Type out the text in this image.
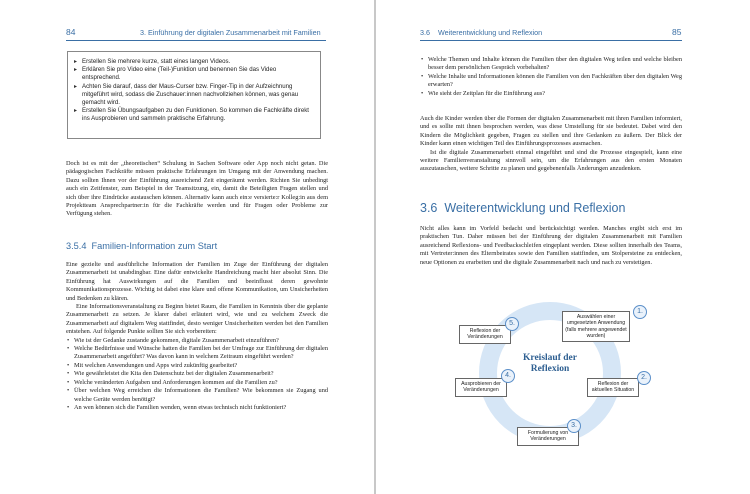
84	3. Einführung der digitalen Zusammenarbeit mit Familien
▸ Erstellen Sie mehrere kurze, statt eines langen Videos.
▸ Erklären Sie pro Video eine (Teil-)Funktion und benennen Sie das Video entsprechend.
▸ Achten Sie darauf, dass der Maus-Curser bzw. Finger-Tip in der Aufzeichnung mitgeführt wird, sodass die Zuschauer:innen nachvollziehen können, was genau gemacht wird.
▸ Erstellen Sie Übungsaufgaben zu den Funktionen. So kommen die Fachkräfte direkt ins Ausprobieren und sammeln praktische Erfahrung.

Doch ist es mit der „theoretischen“ Schulung in Sachen Software oder App noch nicht getan. Die pädagogischen Fachkräfte müssen praktische Erfahrungen im Umgang mit der Anwendung machen. Dazu sollten Ihnen vor der Einführung ausreichend Zeit eingeräumt werden. Richten Sie unbedingt auch ein Zeitfenster, zum Beispiel in der Teamsitzung, ein, damit die Beteiligten Fragen stellen und sich über ihre Eindrücke austauschen können. Alternativ kann auch ein:e versierte:r Kolleg:in aus dem Projektteam Ansprechpartner:in für die Fachkräfte werden und für Fragen oder Probleme zur Verfügung stehen.

3.5.4 Familien-Information zum Start

Eine gezielte und ausführliche Information der Familien im Zuge der Einführung der digitalen Zusammenarbeit ist unabdingbar. Eine dafür entwickelte Handreichung macht hier absolut Sinn. Die Einführung hat Auswirkungen auf die Familien und beeinflusst deren gewohnte Kommunikationsprozesse. Wichtig ist dabei eine klare und offene Kommunikation, um Unsicherheiten und Bedenken zu klären.

Eine Informationsveranstaltung zu Beginn bietet Raum, die Familien in Kenntnis über die geplante Zusammenarbeit zu setzen. Je klarer dabei erläutert wird, wie und zu welchem Zweck die Zusammenarbeit auf digitalem Weg stattfindet, desto weniger Unsicherheiten werden bei den Familien entstehen. Auf folgende Punkte sollten Sie sich vorbereiten:

• Wie ist der Gedanke zustande gekommen, digitale Zusammenarbeit einzuführen?
• Welche Bedürfnisse und Wünsche hatten die Familien bei der Umfrage zur Einführung der digitalen Zusammenarbeit angeführt? Was davon kann in welchem Zeitraum eingeführt werden?
• Mit welchen Anwendungen und Apps wird zukünftig gearbeitet?
• Wie gewährleistet die Kita den Datenschutz bei der digitalen Zusammenarbeit?
• Welche veränderten Aufgaben und Anforderungen kommen auf die Familien zu?
• Über welchen Weg erreichen die Informationen die Familien? Wie bekommen sie Zugang und welche Geräte werden benötigt?
• An wen können sich die Familien wenden, wenn etwas technisch nicht funktioniert?
3.6 Weiterentwicklung und Reflexion	85
• Welche Themen und Inhalte können die Familien über den digitalen Weg teilen und welche bleiben besser dem persönlichen Gespräch vorbehalten?
• Welche Inhalte und Informationen können die Familien von den Fachkräften über den digitalen Weg erwarten?
• Wie sieht der Zeitplan für die Einführung aus?

Auch die Kinder werden über die Formen der digitalen Zusammenarbeit mit ihren Familien informiert, und es sollte mit ihnen besprochen werden, was diese Umstellung für sie bedeutet. Dabei wird den Kindern die Möglichkeit gegeben, Fragen zu stellen und ihre Gedanken zu äußern. Der Blick der Kinder kann einen wichtigen Teil des Einführungsprozesses ausmachen.

Ist die digitale Zusammenarbeit einmal eingeführt und sind die Prozesse eingespielt, kann eine weitere Familienveranstaltung sinnvoll sein, um die Erfahrungen aus den ersten Monaten auszutauschen, weitere Schritte zu planen und gegebenenfalls Änderungen anzudenken.

3.6 Weiterentwicklung und Reflexion

Nicht alles kann im Vorfeld bedacht und berücksichtigt werden. Manches ergibt sich erst im praktischen Tun. Daher müssen bei der Einführung der digitalen Zusammenarbeit mit Familien ausreichend Reflexions- und Feedbackschleifen eingeplant werden. Diese sollten innerhalb des Teams, mit Vertreter:innen des Elternbeirates sowie den Familien stattfinden, um Stolpersteine zu entdecken, neue Optionen zu erarbeiten und die digitale Zusammenarbeit nach und nach zu verstetigen.

Kreislauf der Reflexion
Auswählen einer umgesetzten Anwendung (falls mehrere angewendet wurden)
1.
Reflexion der aktuellen Situation
2.
Formulierung von Veränderungen
3.
Ausprobieren der Veränderungen
4.
Reflexion der Veränderungen
5.
